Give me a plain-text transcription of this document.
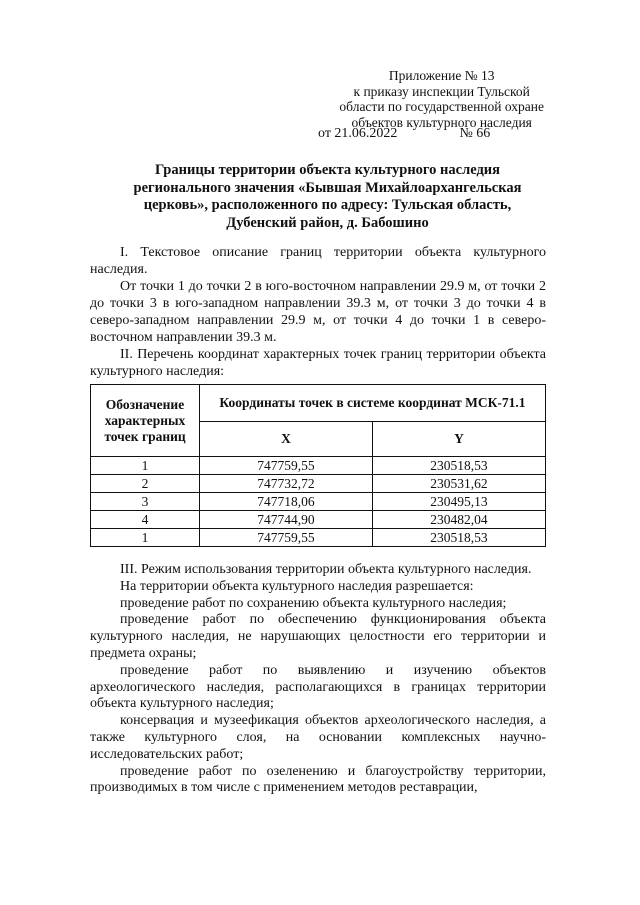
Приложение № 13
к приказу инспекции Тульской
области по государственной охране
объектов культурного наследия
от 21.06.2022	№ 66
Границы территории объекта культурного наследия
регионального значения «Бывшая Михайлоархангельская
церковь», расположенного по адресу: Тульская область,
Дубенский район, д. Бабошино

I. Текстовое описание границ территории объекта культурного наследия.

От точки 1 до точки 2 в юго-восточном направлении 29.9 м, от точки 2 до точки 3 в юго-западном направлении 39.3 м, от точки 3 до точки 4 в северо-западном направлении 29.9 м, от точки 4 до точки 1 в северо-восточном направлении 39.3 м.

II. Перечень координат характерных точек границ территории объекта культурного наследия:

Обозначение характерных точек границ	Координаты точек в системе координат МСК-71.1	
	X	Y
1	747759,55	230518,53
2	747732,72	230531,62
3	747718,06	230495,13
4	747744,90	230482,04
1	747759,55	230518,53

III. Режим использования территории объекта культурного наследия.

На территории объекта культурного наследия разрешается:

проведение работ по сохранению объекта культурного наследия;

проведение работ по обеспечению функционирования объекта культурного наследия, не нарушающих целостности его территории и предмета охраны;

проведение работ по выявлению и изучению объектов археологического наследия, располагающихся в границах территории объекта культурного наследия;

консервация и музеефикация объектов археологического наследия, а также культурного слоя, на основании комплексных научно-исследовательских работ;

проведение работ по озеленению и благоустройству территории, производимых в том числе с применением методов реставрации,
